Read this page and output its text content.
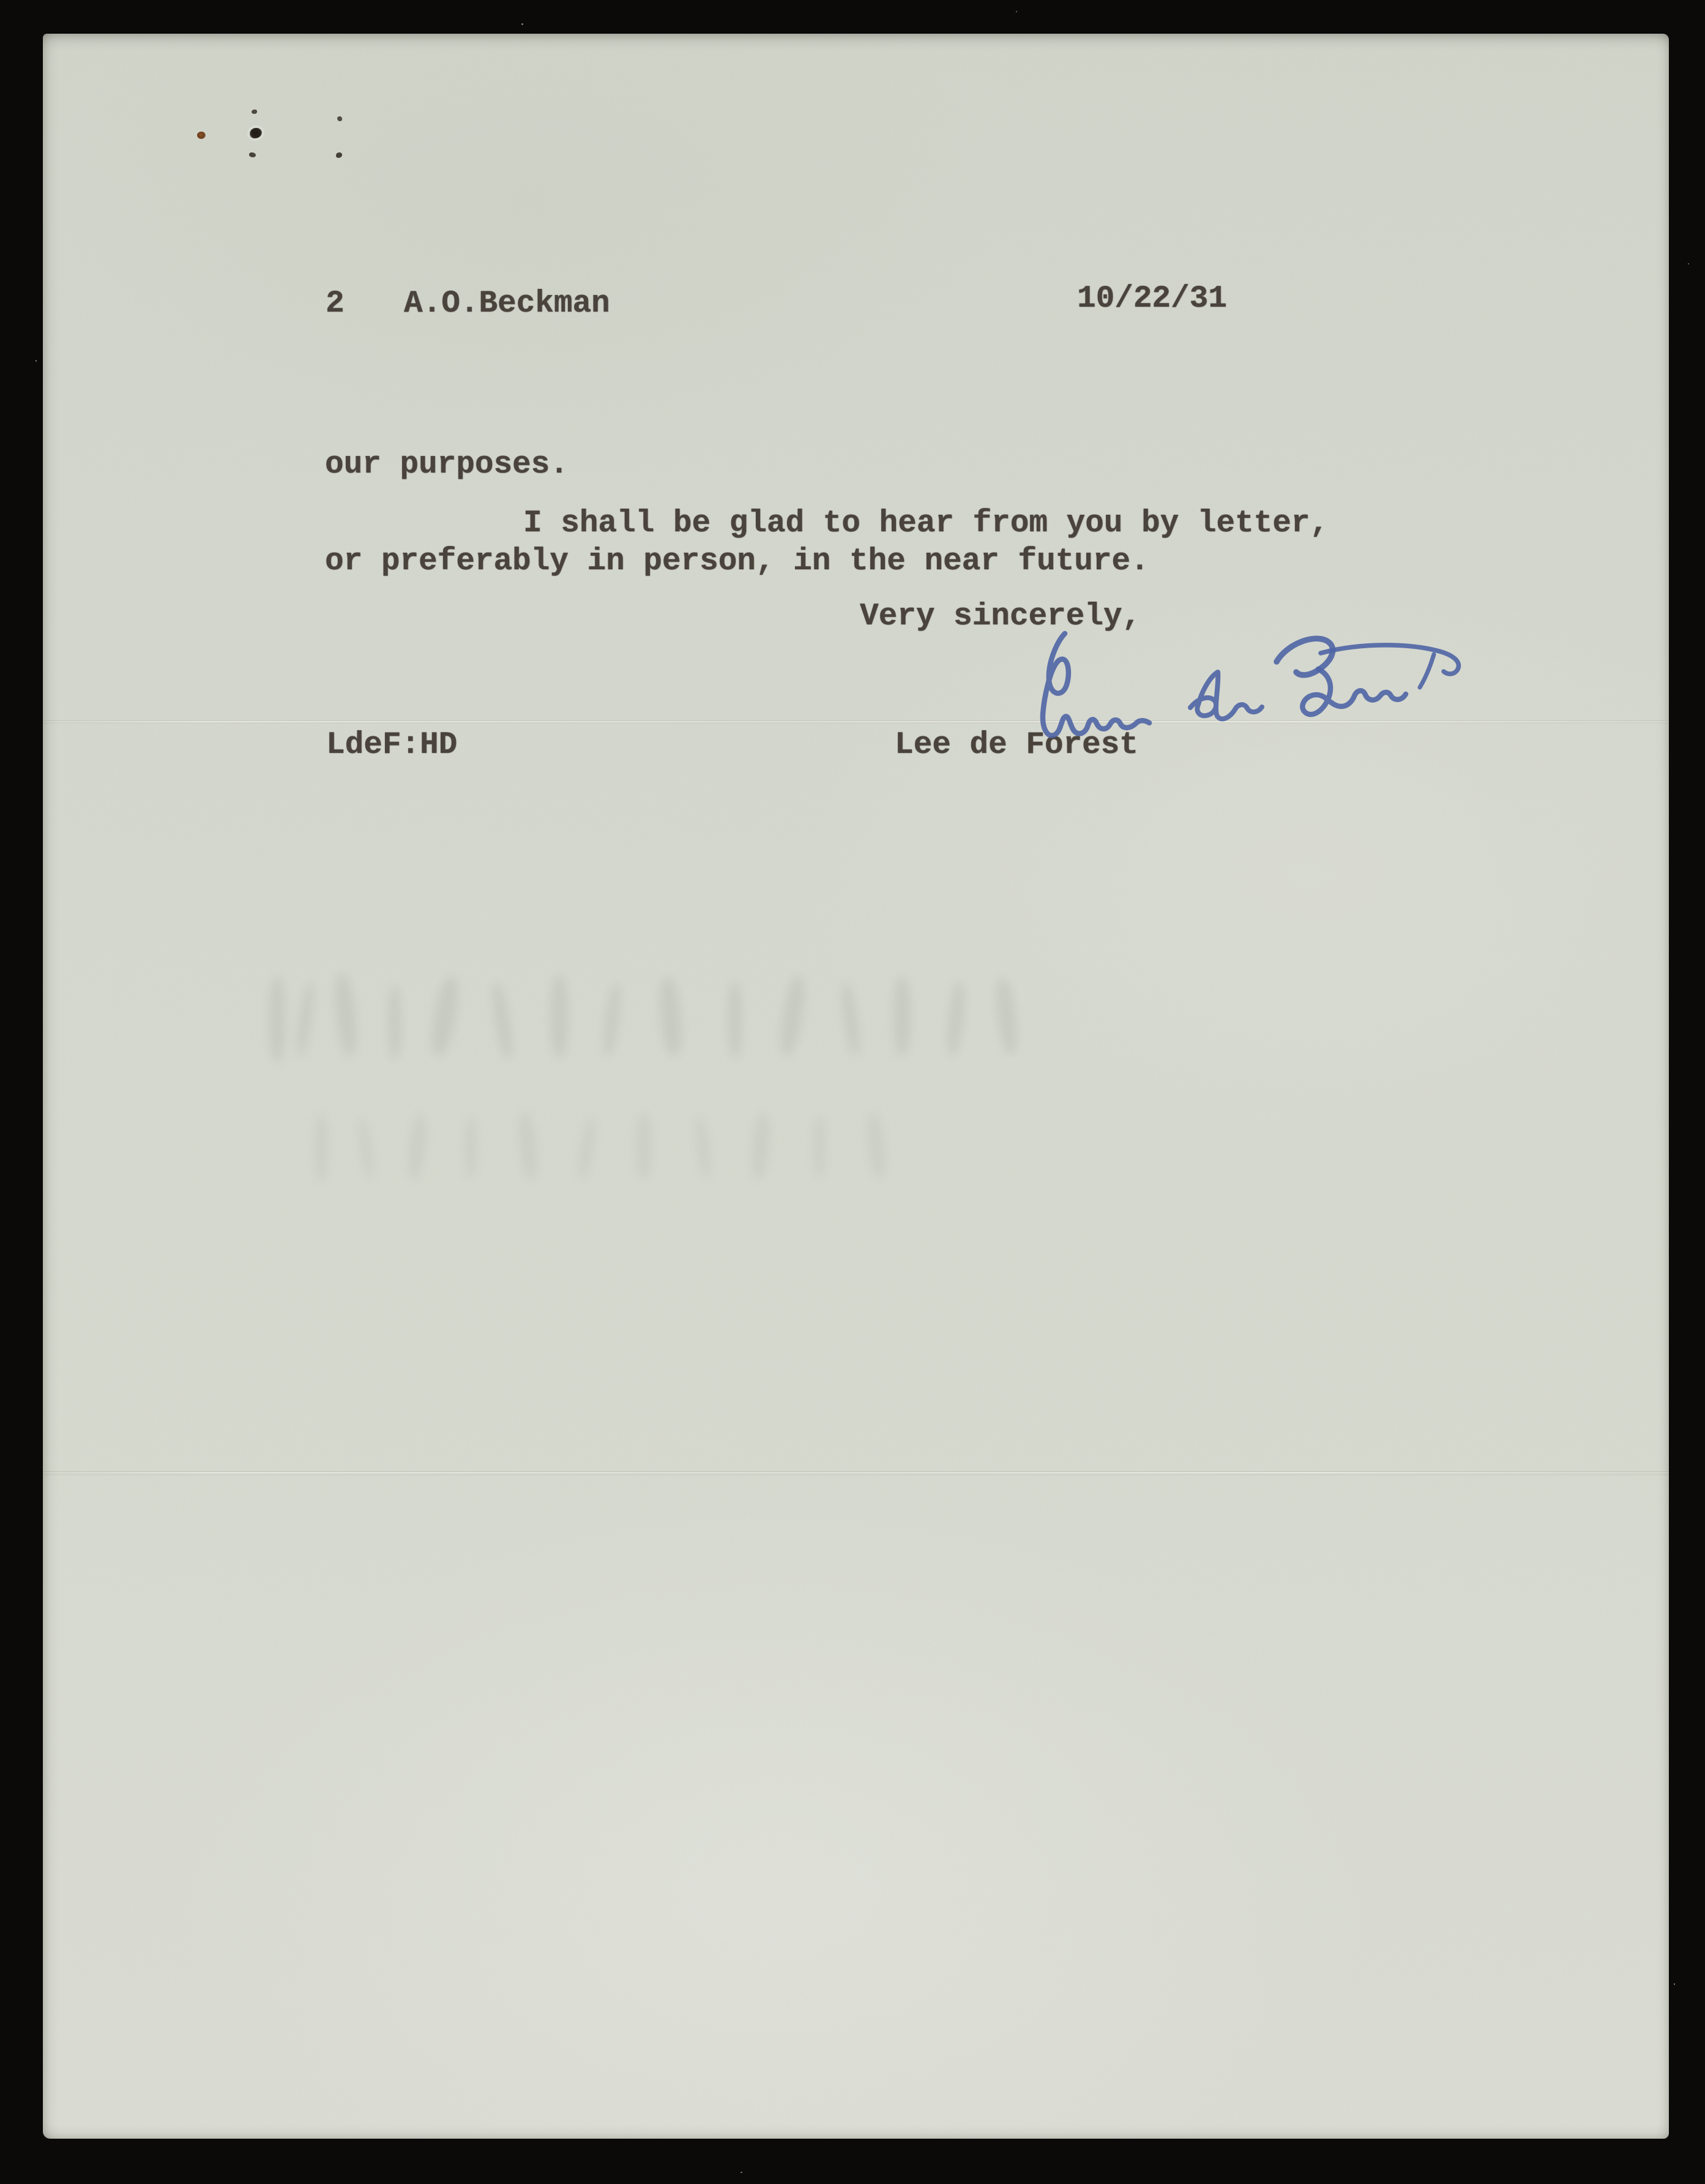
2 A.O.Beckman	10/22/31
our purposes.
I shall be glad to hear from you by letter,
or preferably in person, in the near future.
Very sincerely,
LdeF:HD	Lee de Forest
